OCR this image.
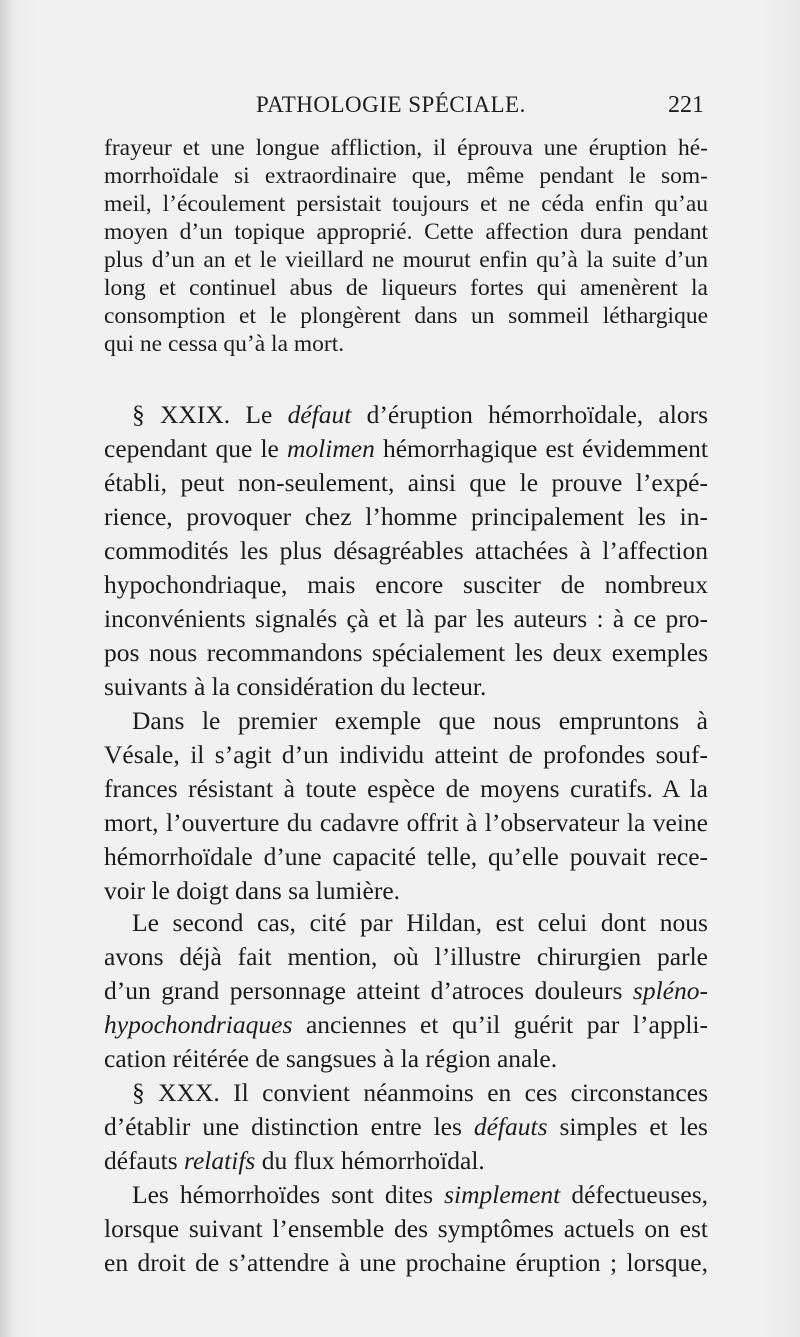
PATHOLOGIE SPÉCIALE.	221
frayeur et une longue affliction, il éprouva une éruption hé-
morrhoïdale si extraordinaire que, même pendant le som-
meil, l’écoulement persistait toujours et ne céda enfin qu’au
moyen d’un topique approprié. Cette affection dura pendant
plus d’un an et le vieillard ne mourut enfin qu’à la suite d’un
long et continuel abus de liqueurs fortes qui amenèrent la
consomption et le plongèrent dans un sommeil léthargique
qui ne cessa qu’à la mort.
§ XXIX. Le défaut d’éruption hémorrhoïdale, alors
cependant que le molimen hémorrhagique est évidemment
établi, peut non-seulement, ainsi que le prouve l’expé-
rience, provoquer chez l’homme principalement les in-
commodités les plus désagréables attachées à l’affection
hypochondriaque, mais encore susciter de nombreux
inconvénients signalés çà et là par les auteurs : à ce pro-
pos nous recommandons spécialement les deux exemples
suivants à la considération du lecteur.
Dans le premier exemple que nous empruntons à
Vésale, il s’agit d’un individu atteint de profondes souf-
frances résistant à toute espèce de moyens curatifs. A la
mort, l’ouverture du cadavre offrit à l’observateur la veine
hémorrhoïdale d’une capacité telle, qu’elle pouvait rece-
voir le doigt dans sa lumière.
Le second cas, cité par Hildan, est celui dont nous
avons déjà fait mention, où l’illustre chirurgien parle
d’un grand personnage atteint d’atroces douleurs spléno-
hypochondriaques anciennes et qu’il guérit par l’appli-
cation réitérée de sangsues à la région anale.
§ XXX. Il convient néanmoins en ces circonstances
d’établir une distinction entre les défauts simples et les
défauts relatifs du flux hémorrhoïdal.
Les hémorrhoïdes sont dites simplement défectueuses,
lorsque suivant l’ensemble des symptômes actuels on est
en droit de s’attendre à une prochaine éruption ; lorsque,
